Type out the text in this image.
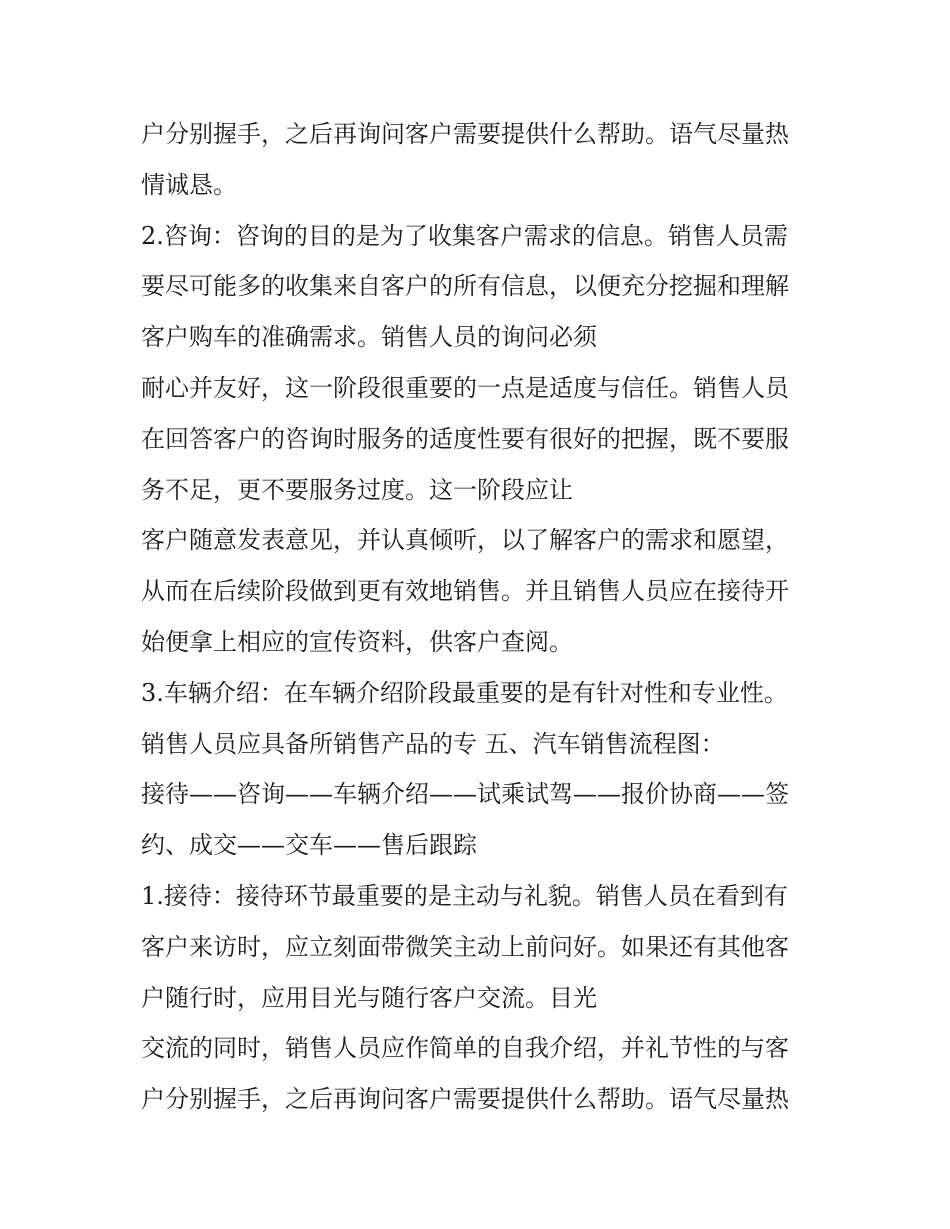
户分别握手，之后再询问客户需要提供什么帮助。语气尽量热
情诚恳。
2.咨询：咨询的目的是为了收集客户需求的信息。销售人员需
要尽可能多的收集来自客户的所有信息，以便充分挖掘和理解
客户购车的准确需求。销售人员的询问必须
耐心并友好，这一阶段很重要的一点是适度与信任。销售人员
在回答客户的咨询时服务的适度性要有很好的把握，既不要服
务不足，更不要服务过度。这一阶段应让
客户随意发表意见，并认真倾听，以了解客户的需求和愿望，
从而在后续阶段做到更有效地销售。并且销售人员应在接待开
始便拿上相应的宣传资料，供客户查阅。
3.车辆介绍：在车辆介绍阶段最重要的是有针对性和专业性。
销售人员应具备所销售产品的专 五、汽车销售流程图：
接待——咨询——车辆介绍——试乘试驾——报价协商——签
约、成交——交车——售后跟踪
1.接待：接待环节最重要的是主动与礼貌。销售人员在看到有
客户来访时，应立刻面带微笑主动上前问好。如果还有其他客
户随行时，应用目光与随行客户交流。目光
交流的同时，销售人员应作简单的自我介绍，并礼节性的与客
户分别握手，之后再询问客户需要提供什么帮助。语气尽量热
